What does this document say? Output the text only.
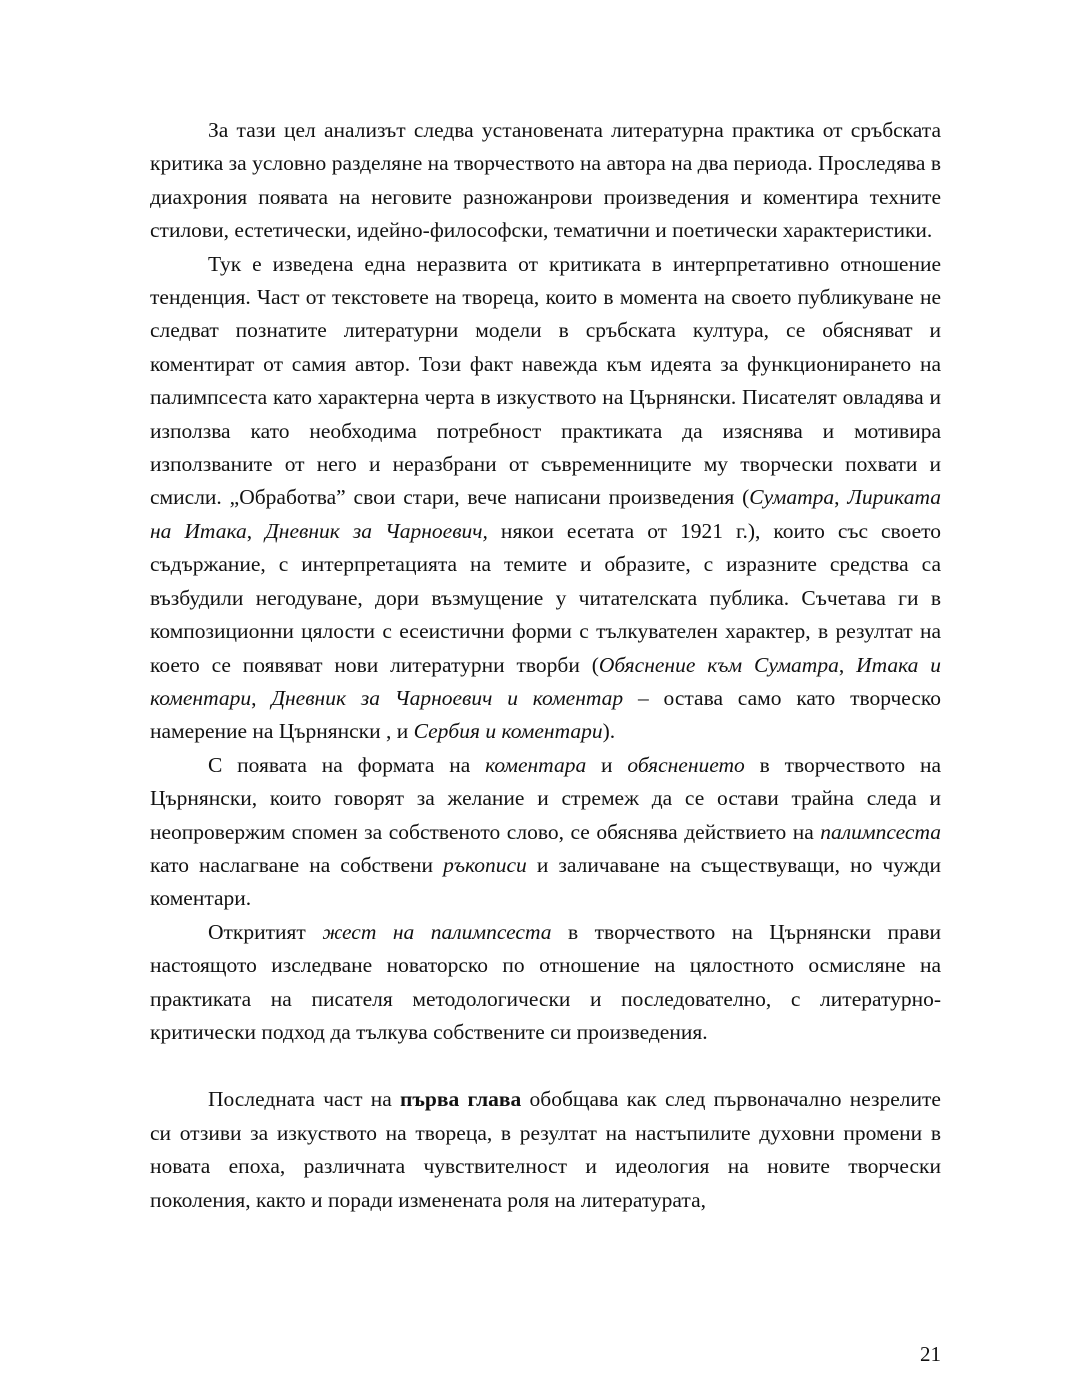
За тази цел анализът следва установената литературна практика от сръбската критика за условно разделяне на творчеството на автора на два периода. Проследява в диахрония появата на неговите разножанрови произведения и коментира техните стилови, естетически, идейно-философски, тематични и поетически характеристики.

Тук е изведена една неразвита от критиката в интерпретативно отношение тенденция. Част от текстовете на твореца, които в момента на своето публикуване не следват познатите литературни модели в сръбската култура, се обясняват и коментират от самия автор. Този факт навежда към идеята за функционирането на палимпсеста като характерна черта в изкуството на Църнянски. Писателят овладява и използва като необходима потребност практиката да изяснява и мотивира използваните от него и неразбрани от съвременниците му творчески похвати и смисли. „Обработва” свои стари, вече написани произведения (Суматра, Лириката на Итака, Дневник за Чарноевич, някои есетата от 1921 г.), които със своето съдържание, с интерпретацията на темите и образите, с изразните средства са възбудили негодуване, дори възмущение у читателската публика. Съчетава ги в композиционни цялости с есеистични форми с тълкувателен характер, в резултат на което се появяват нови литературни творби (Обяснение към Суматра, Итака и коментари, Дневник за Чарноевич и коментар – остава само като творческо намерение на Църнянски , и Сербия и коментари).

С появата на формата на коментара и обяснението в творчеството на Църнянски, които говорят за желание и стремеж да се остави трайна следа и неопровержим спомен за собственото слово, се обяснява действието на палимпсеста като наслагване на собствени ръкописи и заличаване на съществуващи, но чужди коментари.

Откритият жест на палимпсеста в творчеството на Църнянски прави настоящото изследване новаторско по отношение на цялостното осмисляне на практиката на писателя методологически и последователно, с литературно-критически подход да тълкува собствените си произведения.

Последната част на първа глава обобщава как след първоначално незрелите си отзиви за изкуството на твореца, в резултат на настъпилите духовни промени в новата епоха, различната чувствителност и идеология на новите творчески поколения, както и поради изменената роля на литературата,

21
